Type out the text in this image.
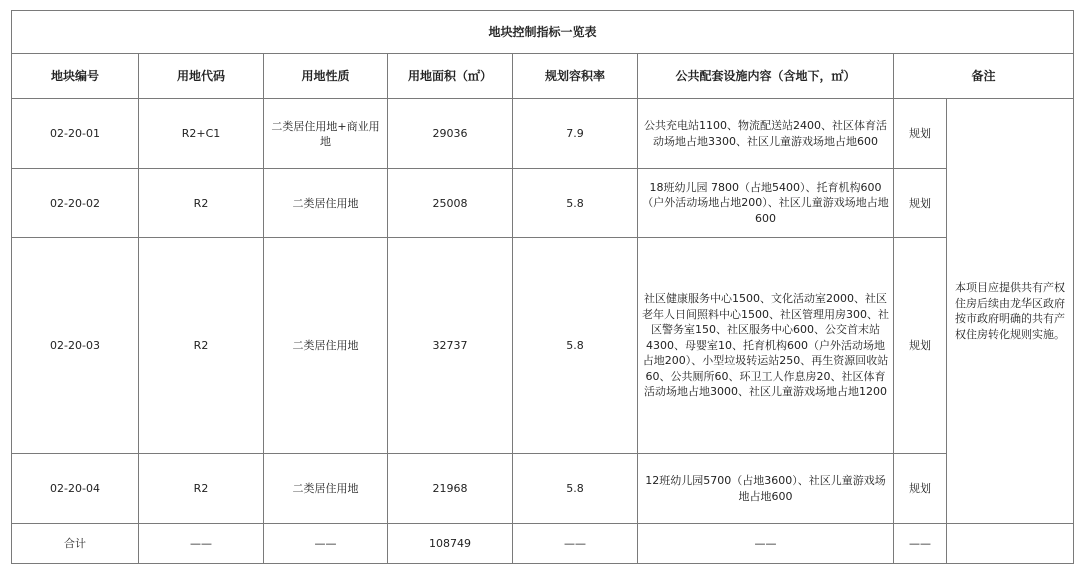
地块控制指标一览表							
地块编号	用地代码	用地性质	用地面积（㎡）	规划容积率	公共配套设施内容（含地下，㎡）	备注	
02-20-01	R2+C1	二类居住用地+商业用地	29036	7.9	公共充电站1100、物流配送站2400、社区体育活动场地占地3300、社区儿童游戏场地占地600	规划	本项目应提供共有产权住房后续由龙华区政府按市政府明确的共有产权住房转化规则实施。
02-20-02	R2	二类居住用地	25008	5.8	18班幼儿园 7800（占地5400）、托育机构600（户外活动场地占地200）、社区儿童游戏场地占地600	规划	
02-20-03	R2	二类居住用地	32737	5.8	社区健康服务中心1500、文化活动室2000、社区老年人日间照料中心1500、社区管理用房300、社区警务室150、社区服务中心600、公交首末站4300、母婴室10、托育机构600（户外活动场地占地200）、小型垃圾转运站250、再生资源回收站60、公共厕所60、环卫工人作息房20、社区体育活动场地占地3000、社区儿童游戏场地占地1200	规划	
02-20-04	R2	二类居住用地	21968	5.8	12班幼儿园5700（占地3600）、社区儿童游戏场地占地600	规划	
合计	——	——	108749	——	——	——	
